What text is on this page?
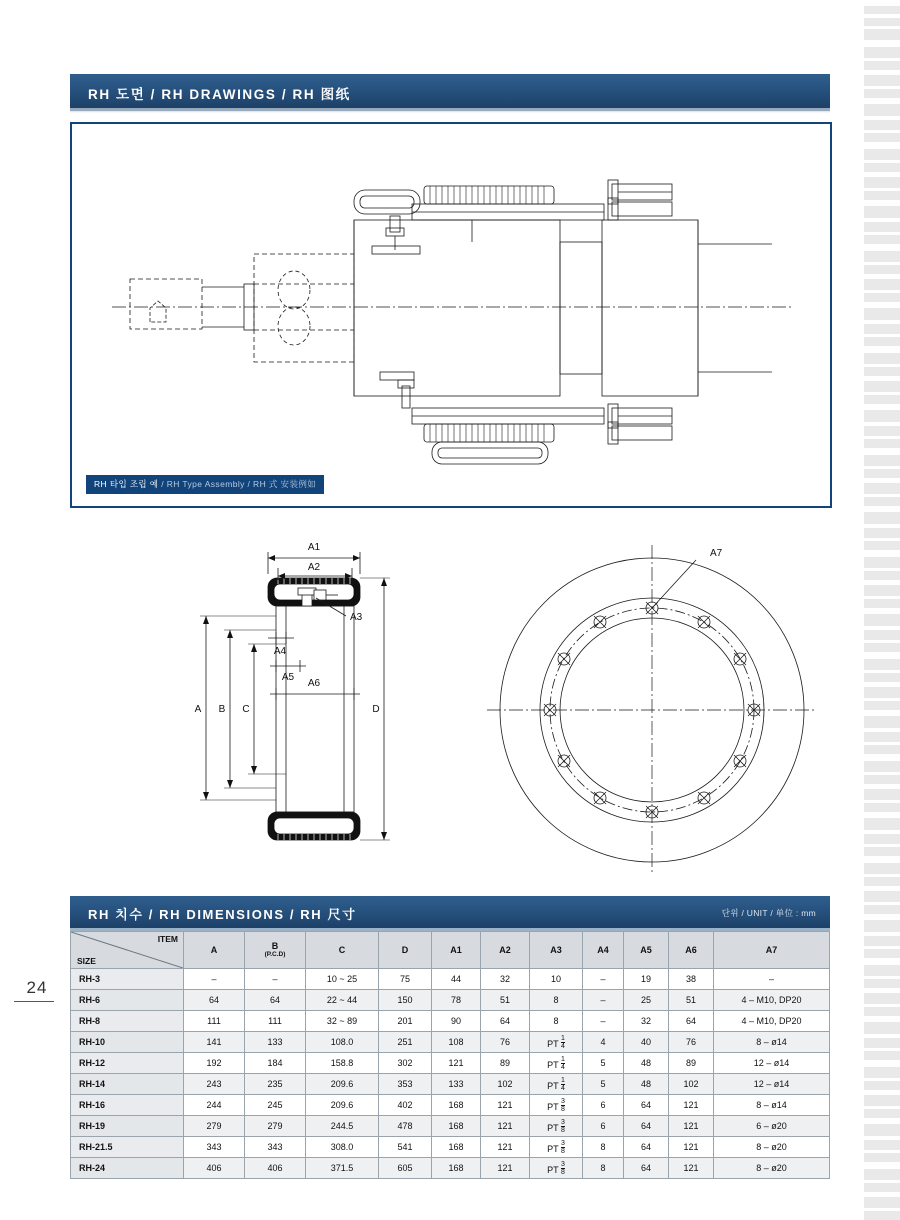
24
RH 도면 / RH DRAWINGS / RH 图纸
RH 타입 조립 예 / RH Type Assembly / RH 式 安装例如
A1
A2
A3
A4
A5
A6
A B C	D
A7
RH 치수 / RH DIMENSIONS / RH 尺寸	단위 / UNIT / 单位 : mm
ITEM
SIZE	A	B
(P.C.D)	C	D	A1	A2	A3	A4	A5	A6	A7
RH-3	–	–	10 ~ 25	75	44	32	10	–	19	38	–
RH-6	64	64	22 ~ 44	150	78	51	8	–	25	51	4 – M10, DP20
RH-8	111	111	32 ~ 89	201	90	64	8	–	32	64	4 – M10, DP20
RH-10	141	133	108.0	251	108	76	PT $\frac{1}{4}$	4	40	76	8 – ø14
RH-12	192	184	158.8	302	121	89	PT $\frac{1}{4}$	5	48	89	12 – ø14
RH-14	243	235	209.6	353	133	102	PT $\frac{1}{4}$	5	48	102	12 – ø14
RH-16	244	245	209.6	402	168	121	PT $\frac{3}{8}$	6	64	121	8 – ø14
RH-19	279	279	244.5	478	168	121	PT $\frac{3}{8}$	6	64	121	6 – ø20
RH-21.5	343	343	308.0	541	168	121	PT $\frac{3}{8}$	8	64	121	8 – ø20
RH-24	406	406	371.5	605	168	121	PT $\frac{3}{8}$	8	64	121	8 – ø20
